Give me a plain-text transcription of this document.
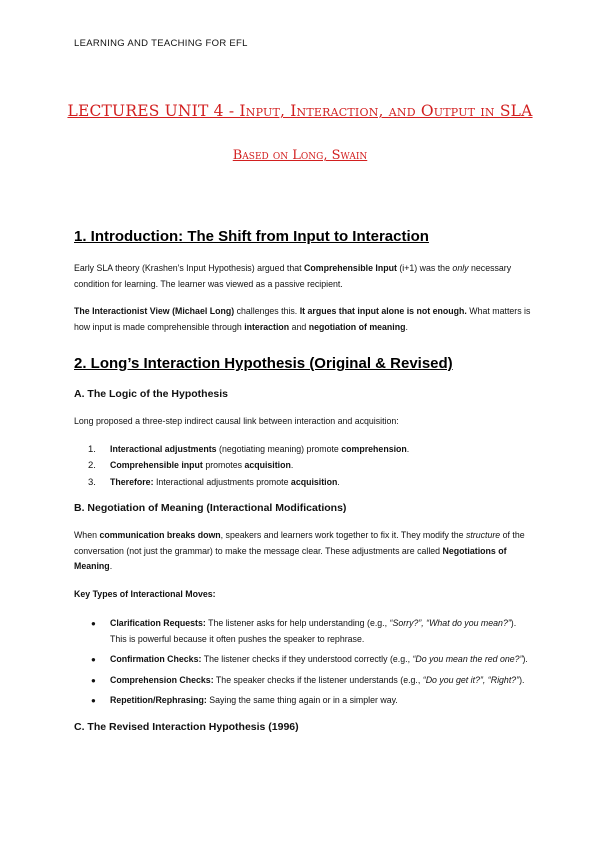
LEARNING AND TEACHING FOR EFL
LECTURES UNIT 4 - Input, Interaction, and Output in SLA
Based on Long, Swain
1. Introduction: The Shift from Input to Interaction

Early SLA theory (Krashen's Input Hypothesis) argued that Comprehensible Input (i+1) was the only necessary condition for learning. The learner was viewed as a passive recipient.

The Interactionist View (Michael Long) challenges this. It argues that input alone is not enough. What matters is how input is made comprehensible through interaction and negotiation of meaning.

2. Long’s Interaction Hypothesis (Original & Revised)
A. The Logic of the Hypothesis

Long proposed a three-step indirect causal link between interaction and acquisition:

1. Interactional adjustments (negotiating meaning) promote comprehension.
2. Comprehensible input promotes acquisition.
3. Therefore: Interactional adjustments promote acquisition.
B. Negotiation of Meaning (Interactional Modifications)

When communication breaks down, speakers and learners work together to fix it. They modify the structure of the conversation (not just the grammar) to make the message clear. These adjustments are called Negotiations of Meaning.

Key Types of Interactional Moves:

● Clarification Requests: The listener asks for help understanding (e.g., “Sorry?”, “What do you mean?”). This is powerful because it often pushes the speaker to rephrase.
● Confirmation Checks: The listener checks if they understood correctly (e.g., “Do you mean the red one?”).
● Comprehension Checks: The speaker checks if the listener understands (e.g., “Do you get it?”, “Right?”).
● Repetition/Rephrasing: Saying the same thing again or in a simpler way.
C. The Revised Interaction Hypothesis (1996)
